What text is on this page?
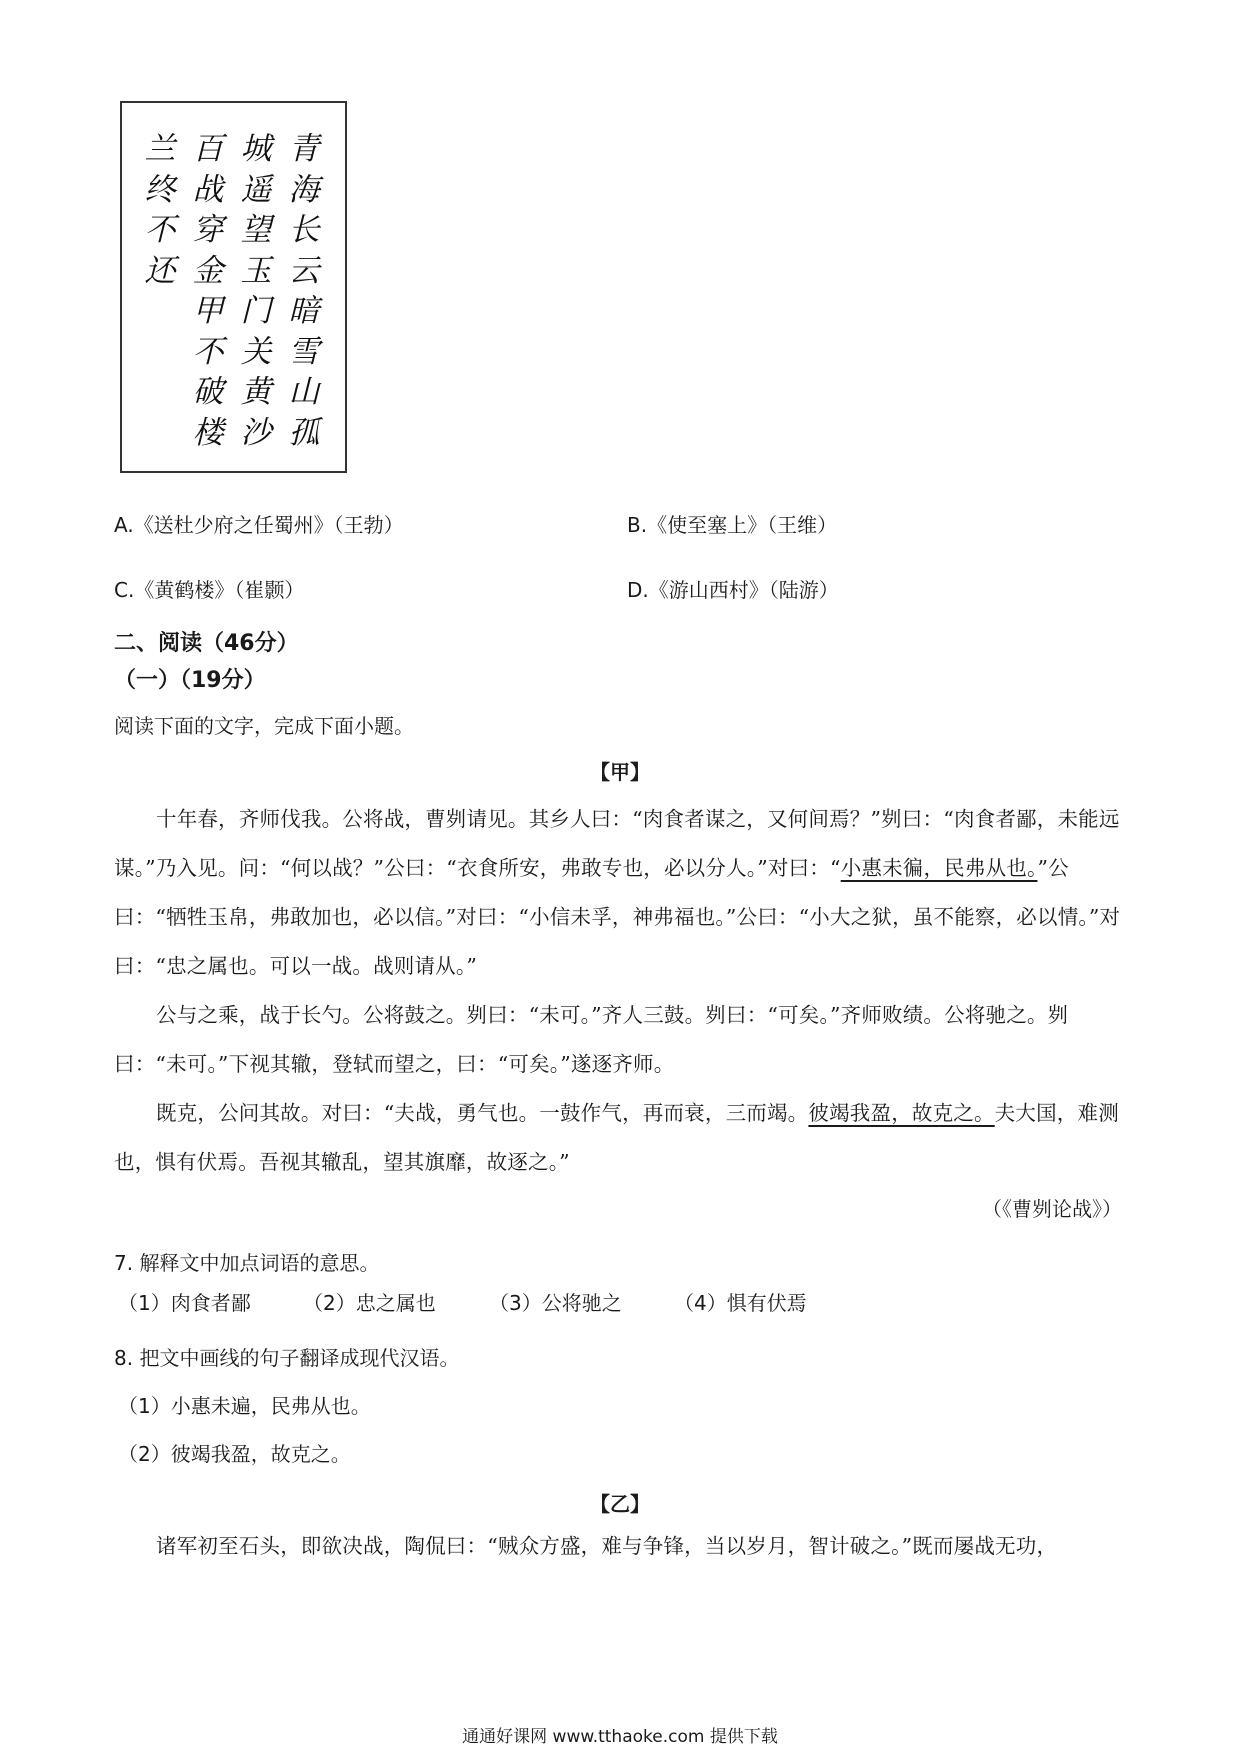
青海长云暗雪山孤
城遥望玉门关黄沙
百战穿金甲不破楼
兰终不还
A.《送杜少府之任蜀州》（王勃）	B.《使至塞上》（王维）
C.《黄鹤楼》（崔颢）	D.《游山西村》（陆游）
二、阅读（46分）
（一）（19分）
阅读下面的文字，完成下面小题。
【甲】
十年春，齐师伐我。公将战，曹刿请见。其乡人曰：“肉食者谋之，又何间焉？”刿曰：“肉食者鄙，未能远谋。”乃入见。问：“何以战？”公曰：“衣食所安，弗敢专也，必以分人。”对曰：“小惠未徧，民弗从也。”公曰：“牺牲玉帛，弗敢加也，必以信。”对曰：“小信未孚，神弗福也。”公曰：“小大之狱，虽不能察，必以情。”对曰：“忠之属也。可以一战。战则请从。”
公与之乘，战于长勺。公将鼓之。刿曰：“未可。”齐人三鼓。刿曰：“可矣。”齐师败绩。公将驰之。刿曰：“未可。”下视其辙，登轼而望之，曰：“可矣。”遂逐齐师。
既克，公问其故。对曰：“夫战，勇气也。一鼓作气，再而衰，三而竭。彼竭我盈，故克之。夫大国，难测也，惧有伏焉。吾视其辙乱，望其旗靡，故逐之。”
（《曹刿论战》）
7. 解释文中加点词语的意思。
（1）肉食者鄙	（2）忠之属也	（3）公将驰之	（4）惧有伏焉
8. 把文中画线的句子翻译成现代汉语。
（1）小惠未遍，民弗从也。
（2）彼竭我盈，故克之。
【乙】
诸军初至石头，即欲决战，陶侃曰：“贼众方盛，难与争锋，当以岁月，智计破之。”既而屡战无功，
通通好课网 www.tthaoke.com 提供下载
